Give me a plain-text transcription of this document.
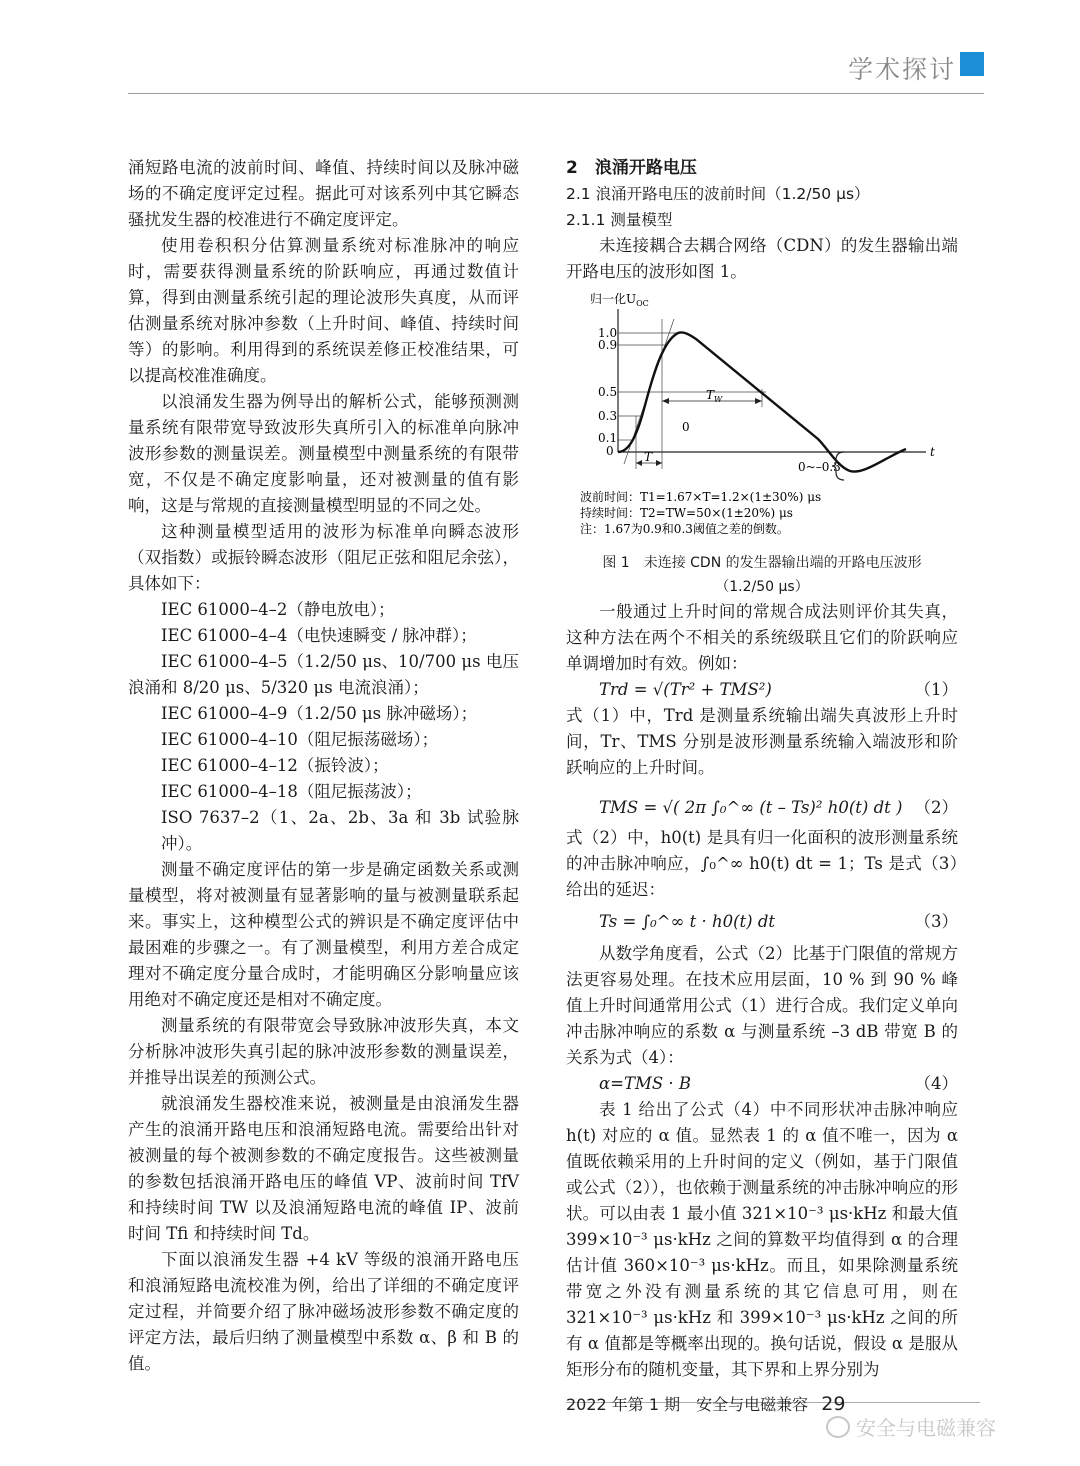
学术探讨

涌短路电流的波前时间、峰值、持续时间以及脉冲磁场的不确定度评定过程。据此可对该系列中其它瞬态骚扰发生器的校准进行不确定度评定。

使用卷积积分估算测量系统对标准脉冲的响应时，需要获得测量系统的阶跃响应，再通过数值计算，得到由测量系统引起的理论波形失真度，从而评估测量系统对脉冲参数（上升时间、峰值、持续时间等）的影响。利用得到的系统误差修正校准结果，可以提高校准准确度。

以浪涌发生器为例导出的解析公式，能够预测测量系统有限带宽导致波形失真所引入的标准单向脉冲波形参数的测量误差。测量模型中测量系统的有限带宽，不仅是不确定度影响量，还对被测量的值有影响，这是与常规的直接测量模型明显的不同之处。

这种测量模型适用的波形为标准单向瞬态波形（双指数）或振铃瞬态波形（阻尼正弦和阻尼余弦），具体如下：

IEC 61000–4–2（静电放电）；

IEC 61000–4–4（电快速瞬变 / 脉冲群）；

IEC 61000–4–5（1.2/50 μs、10/700 μs 电压浪涌和 8/20 μs、5/320 μs 电流浪涌）；

IEC 61000–4–9（1.2/50 μs 脉冲磁场）；

IEC 61000–4–10（阻尼振荡磁场）；

IEC 61000–4–12（振铃波）；

IEC 61000–4–18（阻尼振荡波）；

ISO 7637–2（1、2a、2b、3a 和 3b 试验脉冲）。

测量不确定度评估的第一步是确定函数关系或测量模型，将对被测量有显著影响的量与被测量联系起来。事实上，这种模型公式的辨识是不确定度评估中最困难的步骤之一。有了测量模型，利用方差合成定理对不确定度分量合成时，才能明确区分影响量应该用绝对不确定度还是相对不确定度。

测量系统的有限带宽会导致脉冲波形失真，本文分析脉冲波形失真引起的脉冲波形参数的测量误差，并推导出误差的预测公式。

就浪涌发生器校准来说，被测量是由浪涌发生器产生的浪涌开路电压和浪涌短路电流。需要给出针对被测量的每个被测参数的不确定度报告。这些被测量的参数包括浪涌开路电压的峰值 VP、波前时间 TfV 和持续时间 TW 以及浪涌短路电流的峰值 IP、波前时间 Tfi 和持续时间 Td。

下面以浪涌发生器 +4 kV 等级的浪涌开路电压和浪涌短路电流校准为例，给出了详细的不确定度评定过程，并简要介绍了脉冲磁场波形参数不确定度的评定方法，最后归纳了测量模型中系数 α、β 和 B 的值。

2　浪涌开路电压

2.1 浪涌开路电压的波前时间（1.2/50 μs）

2.1.1 测量模型

未连接耦合去耦合网络（CDN）的发生器输出端开路电压的波形如图 1。

归一化$U_{OC}$
1.0
0.9
0.5
0.3
0.1
0
$T_W$
T
0
t
0~–0.3
波前时间：T1=1.67×T=1.2×(1±30%) μs
持续时间：T2=TW=50×(1±20%) μs
注：1.67为0.9和0.3阈值之差的倒数。

图 1　未连接 CDN 的发生器输出端的开路电压波形
（1.2/50 μs）

一般通过上升时间的常规合成法则评价其失真，这种方法在两个不相关的系统级联且它们的阶跃响应单调增加时有效。例如：

Trd = √(Tr² + TMS²)	（1）

式（1）中，Trd 是测量系统输出端失真波形上升时间，Tr、TMS 分别是波形测量系统输入端波形和阶跃响应的上升时间。

TMS = √( 2π ∫₀^∞ (t – Ts)² h0(t) dt ) （2）

式（2）中，h0(t) 是具有归一化面积的波形测量系统的冲击脉冲响应，∫₀^∞ h0(t) dt = 1；Ts 是式（3）给出的延迟：

Ts = ∫₀^∞ t · h0(t) dt	（3）

从数学角度看，公式（2）比基于门限值的常规方法更容易处理。在技术应用层面，10 % 到 90 % 峰值上升时间通常用公式（1）进行合成。我们定义单向冲击脉冲响应的系数 α 与测量系统 –3 dB 带宽 B 的关系为式（4）：

α=TMS · B	（4）

表 1 给出了公式（4）中不同形状冲击脉冲响应 h(t) 对应的 α 值。显然表 1 的 α 值不唯一，因为 α 值既依赖采用的上升时间的定义（例如，基于门限值或公式（2）），也依赖于测量系统的冲击脉冲响应的形状。可以由表 1 最小值 321×10⁻³ μs·kHz 和最大值 399×10⁻³ μs·kHz 之间的算数平均值得到 α 的合理估计值 360×10⁻³ μs·kHz。而且，如果除测量系统带宽之外没有测量系统的其它信息可用，则在 321×10⁻³ μs·kHz 和 399×10⁻³ μs·kHz 之间的所有 α 值都是等概率出现的。换句话说，假设 α 是服从矩形分布的随机变量，其下界和上界分别为

2022 年第 1 期　安全与电磁兼容 29
安全与电磁兼容
